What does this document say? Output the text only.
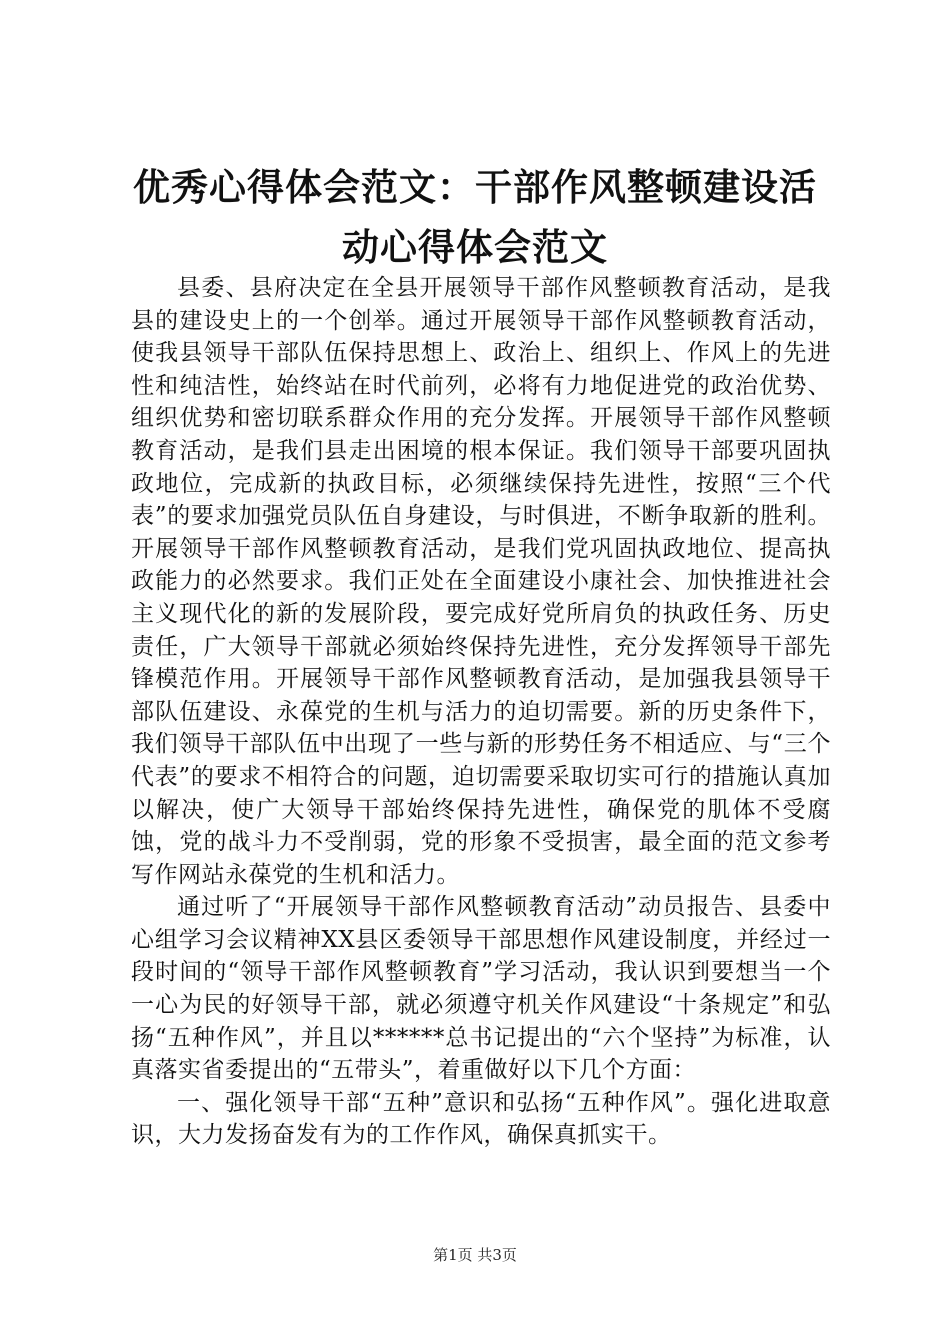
优秀心得体会范文：干部作风整顿建设活动心得体会范文

县委、县府决定在全县开展领导干部作风整顿教育活动，是我县的建设史上的一个创举。通过开展领导干部作风整顿教育活动，使我县领导干部队伍保持思想上、政治上、组织上、作风上的先进性和纯洁性，始终站在时代前列，必将有力地促进党的政治优势、组织优势和密切联系群众作用的充分发挥。开展领导干部作风整顿教育活动，是我们县走出困境的根本保证。我们领导干部要巩固执政地位，完成新的执政目标，必须继续保持先进性，按照“三个代表”的要求加强党员队伍自身建设，与时俱进，不断争取新的胜利。开展领导干部作风整顿教育活动，是我们党巩固执政地位、提高执政能力的必然要求。我们正处在全面建设小康社会、加快推进社会主义现代化的新的发展阶段，要完成好党所肩负的执政任务、历史责任，广大领导干部就必须始终保持先进性，充分发挥领导干部先锋模范作用。开展领导干部作风整顿教育活动，是加强我县领导干部队伍建设、永葆党的生机与活力的迫切需要。新的历史条件下，我们领导干部队伍中出现了一些与新的形势任务不相适应、与“三个代表”的要求不相符合的问题，迫切需要采取切实可行的措施认真加以解决，使广大领导干部始终保持先进性，确保党的肌体不受腐蚀，党的战斗力不受削弱，党的形象不受损害，最全面的范文参考写作网站永葆党的生机和活力。

通过听了“开展领导干部作风整顿教育活动”动员报告、县委中心组学习会议精神XX县区委领导干部思想作风建设制度，并经过一段时间的“领导干部作风整顿教育”学习活动，我认识到要想当一个一心为民的好领导干部，就必须遵守机关作风建设“十条规定”和弘扬“五种作风”，并且以******总书记提出的“六个坚持”为标准，认真落实省委提出的“五带头”，着重做好以下几个方面：

一、强化领导干部“五种”意识和弘扬“五种作风”。强化进取意识，大力发扬奋发有为的工作作风，确保真抓实干。

第1页 共3页
